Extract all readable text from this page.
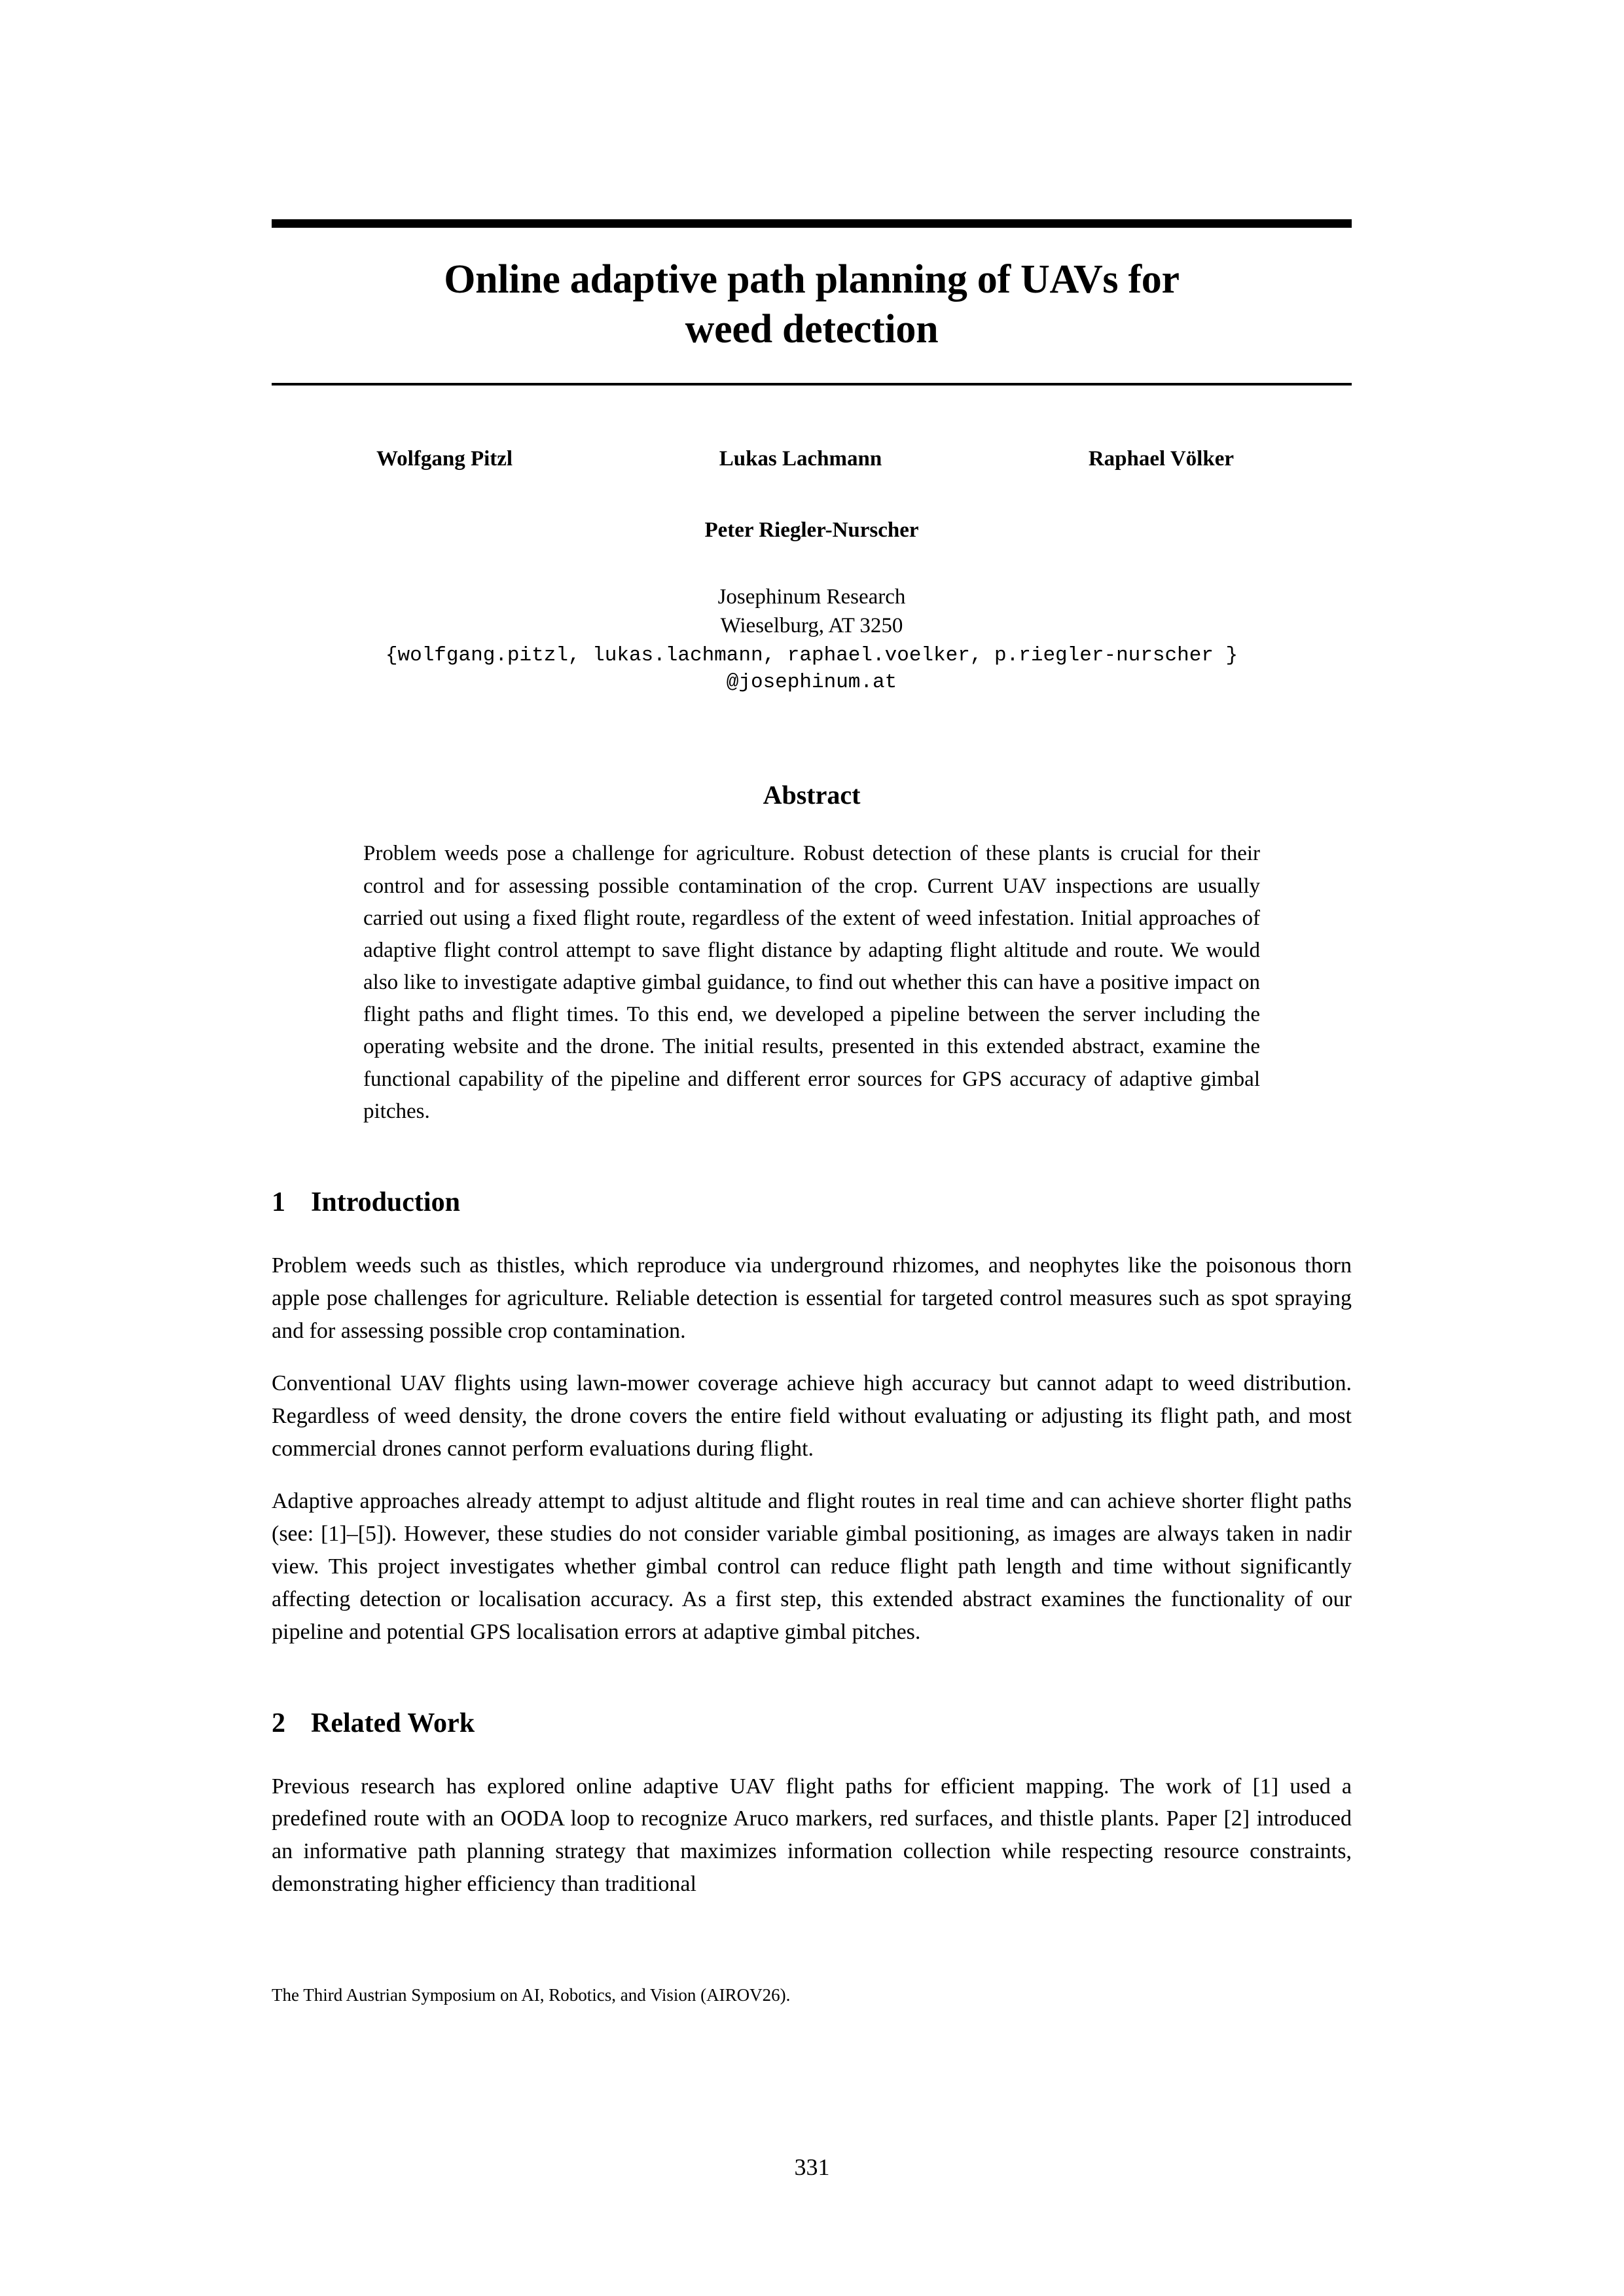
Online adaptive path planning of UAVs for weed detection
Wolfgang Pitzl	Lukas Lachmann	Raphael Völker
Peter Riegler-Nurscher
Josephinum Research
Wieselburg, AT 3250
{wolfgang.pitzl, lukas.lachmann, raphael.voelker, p.riegler-nurscher }
@josephinum.at
Abstract
Problem weeds pose a challenge for agriculture. Robust detection of these plants is crucial for their control and for assessing possible contamination of the crop. Current UAV inspections are usually carried out using a fixed flight route, regardless of the extent of weed infestation. Initial approaches of adaptive flight control attempt to save flight distance by adapting flight altitude and route. We would also like to investigate adaptive gimbal guidance, to find out whether this can have a positive impact on flight paths and flight times. To this end, we developed a pipeline between the server including the operating website and the drone. The initial results, presented in this extended abstract, examine the functional capability of the pipeline and different error sources for GPS accuracy of adaptive gimbal pitches.
1 Introduction
Problem weeds such as thistles, which reproduce via underground rhizomes, and neophytes like the poisonous thorn apple pose challenges for agriculture. Reliable detection is essential for targeted control measures such as spot spraying and for assessing possible crop contamination.
Conventional UAV flights using lawn-mower coverage achieve high accuracy but cannot adapt to weed distribution. Regardless of weed density, the drone covers the entire field without evaluating or adjusting its flight path, and most commercial drones cannot perform evaluations during flight.
Adaptive approaches already attempt to adjust altitude and flight routes in real time and can achieve shorter flight paths (see: [1]–[5]). However, these studies do not consider variable gimbal positioning, as images are always taken in nadir view. This project investigates whether gimbal control can reduce flight path length and time without significantly affecting detection or localisation accuracy. As a first step, this extended abstract examines the functionality of our pipeline and potential GPS localisation errors at adaptive gimbal pitches.
2 Related Work
Previous research has explored online adaptive UAV flight paths for efficient mapping. The work of [1] used a predefined route with an OODA loop to recognize Aruco markers, red surfaces, and thistle plants. Paper [2] introduced an informative path planning strategy that maximizes information collection while respecting resource constraints, demonstrating higher efficiency than traditional
The Third Austrian Symposium on AI, Robotics, and Vision (AIROV26).
331
